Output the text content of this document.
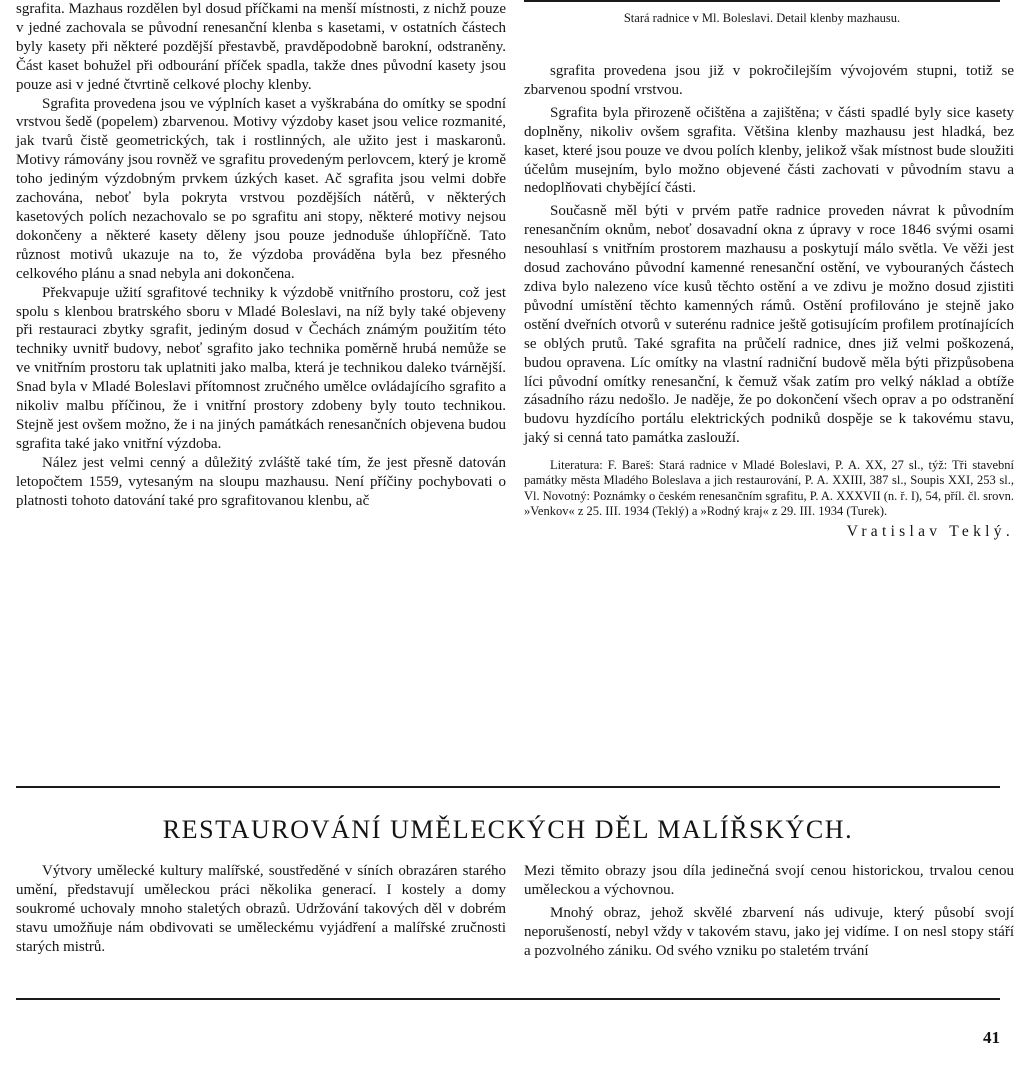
sgrafita. Mazhaus rozdělen byl dosud příčkami na menší místnosti, z nichž pouze v jedné zachovala se původní renesanční klenba s kasetami, v ostatních částech byly kasety při některé pozdější přestavbě, pravděpodobně barokní, odstraněny. Část kaset bohužel při odbourání příček spadla, takže dnes původní kasety jsou pouze asi v jedné čtvrtině celkové plochy klenby.

Sgrafita provedena jsou ve výplních kaset a vyškrabána do omítky se spodní vrstvou šedě (popelem) zbarvenou. Motivy výzdoby kaset jsou velice rozmanité, jak tvarů čistě geometrických, tak i rostlinných, ale užito jest i maskaronů. Motivy rámovány jsou rovněž ve sgrafitu provedeným perlovcem, který je kromě toho jediným výzdobným prvkem úzkých kaset. Ač sgrafita jsou velmi dobře zachována, neboť byla pokryta vrstvou pozdějších nátěrů, v některých kasetových polích nezachovalo se po sgrafitu ani stopy, některé motivy nejsou dokončeny a některé kasety děleny jsou pouze jednoduše úhlopříčně. Tato různost motivů ukazuje na to, že výzdoba prováděna byla bez přesného celkového plánu a snad nebyla ani dokončena.

Překvapuje užití sgrafitové techniky k výzdobě vnitřního prostoru, což jest spolu s klenbou bratrského sboru v Mladé Boleslavi, na níž byly také objeveny při restauraci zbytky sgrafit, jediným dosud v Čechách známým použitím této techniky uvnitř budovy, neboť sgrafito jako technika poměrně hrubá nemůže se ve vnitřním prostoru tak uplatniti jako malba, která je technikou daleko tvárnější. Snad byla v Mladé Boleslavi přítomnost zručného umělce ovládajícího sgrafito a nikoliv malbu příčinou, že i vnitřní prostory zdobeny byly touto technikou. Stejně jest ovšem možno, že i na jiných památkách renesančních objevena budou sgrafita také jako vnitřní výzdoba.

Nález jest velmi cenný a důležitý zvláště také tím, že jest přesně datován letopočtem 1559, vytesaným na sloupu mazhausu. Není příčiny pochybovati o platnosti tohoto datování také pro sgrafitovanou klenbu, ač

Stará radnice v Ml. Boleslavi. Detail klenby mazhausu.

sgrafita provedena jsou již v pokročilejším vývojovém stupni, totiž se zbarvenou spodní vrstvou.

Sgrafita byla přirozeně očištěna a zajištěna; v části spadlé byly sice kasety doplněny, nikoliv ovšem sgrafita. Většina klenby mazhausu jest hladká, bez kaset, které jsou pouze ve dvou polích klenby, jelikož však místnost bude sloužiti účelům musejním, bylo možno objevené části zachovati v původním stavu a nedoplňovati chybějící části.

Současně měl býti v prvém patře radnice proveden návrat k původním renesančním oknům, neboť dosavadní okna z úpravy v roce 1846 svými osami nesouhlasí s vnitřním prostorem mazhausu a poskytují málo světla. Ve věži jest dosud zachováno původní kamenné renesanční ostění, ve vybouraných částech zdiva bylo nalezeno více kusů těchto ostění a ve zdivu je možno dosud zjistiti původní umístění těchto kamenných rámů. Ostění profilováno je stejně jako ostění dveřních otvorů v suterénu radnice ještě gotisujícím profilem protínajících se oblých prutů. Také sgrafita na průčelí radnice, dnes již velmi poškozená, budou opravena. Líc omítky na vlastní radniční budově měla býti přizpůsobena líci původní omítky renesanční, k čemuž však zatím pro velký náklad a obtíže zásadního rázu nedošlo. Je naděje, že po dokončení všech oprav a po odstranění budovu hyzdícího portálu elektrických podniků dospěje se k takovému stavu, jaký si cenná tato památka zaslouží.

Literatura: F. Bareš: Stará radnice v Mladé Boleslavi, P. A. XX, 27 sl., týž: Tři stavební památky města Mladého Boleslava a jich restaurování, P. A. XXIII, 387 sl., Soupis XXI, 253 sl., Vl. Novotný: Poznámky o českém renesančním sgrafitu, P. A. XXXVII (n. ř. I), 54, příl. čl. srovn. »Venkov« z 25. III. 1934 (Teklý) a »Rodný kraj« z 29. III. 1934 (Turek).

Vratislav Teklý.

RESTAUROVÁNÍ UMĚLECKÝCH DĚL MALÍŘSKÝCH.

Výtvory umělecké kultury malířské, soustředěné v síních obrazáren starého umění, představují uměleckou práci několika generací. I kostely a domy soukromé uchovaly mnoho staletých obrazů. Udržování takových děl v dobrém stavu umožňuje nám obdivovati se uměleckému vyjádření a malířské zručnosti starých mistrů.

Mezi těmito obrazy jsou díla jedinečná svojí cenou historickou, trvalou cenou uměleckou a výchovnou.

Mnohý obraz, jehož skvělé zbarvení nás udivuje, který působí svojí neporušeností, nebyl vždy v takovém stavu, jako jej vidíme. I on nesl stopy stáří a pozvolného zániku. Od svého vzniku po staletém trvání

41
